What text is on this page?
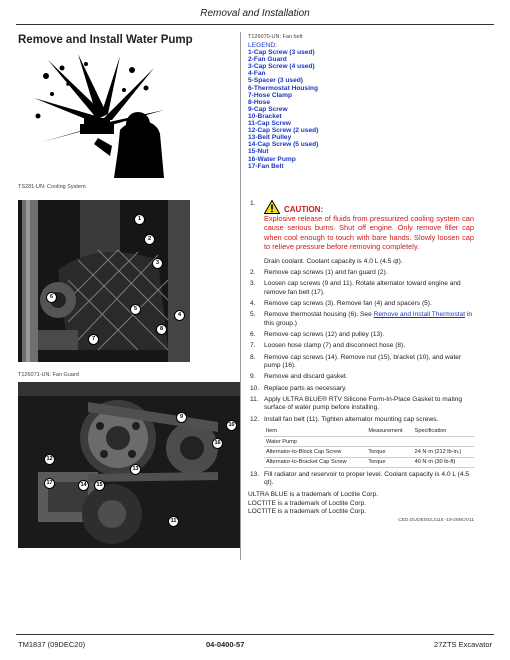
Removal and Installation
Remove and Install Water Pump	T126070-UN: Fan belt
LEGEND:
1-Cap Screw (3 used)
2-Fan Guard
3-Cap Screw (4 used)
4-Fan
5-Spacer (3 used)
6-Thermostat Housing
7-Hose Clamp
8-Hose
9-Cap Screw
10-Bracket
11-Cap Screw
12-Cap Screw (2 used)
13-Belt Pulley
14-Cap Screw (5 used)
15-Nut
16-Water Pump
17-Fan Belt
TS281-UN: Cooling System
1
2
3
4
5
6
7
8
T126071-UN: Fan Guard
9
10
11
12
13
14	15
16
17
1.
CAUTION:
Explosive release of fluids from pressurized cooling system can cause serious burns. Shut off engine. Only remove filler cap when cool enough to touch with bare hands. Slowly loosen cap to relieve pressure before removing completely.
Drain coolant. Coolant capacity is 4.0 L (4.5 qt).
2. Remove cap screws (1) and fan guard (2).
3. Loosen cap screws (9 and 11). Rotate alternator toward engine and remove fan belt (17).
4. Remove cap screws (3). Remove fan (4) and spacers (5).
5. Remove thermostat housing (6). See Remove and Install Thermostat in this group.)
6. Remove cap screws (12) and pulley (13).
7. Loosen hose clamp (7) and disconnect hose (8).
8. Remove cap screws (14). Remove nut (15), bracket (10), and water pump (16).
9. Remove and discard gasket.
10. Replace parts as necessary.
11. Apply ULTRA BLUE® RTV Silicone Form-In-Place Gasket to mating surface of water pump before installing.
12. Install fan belt (11). Tighten alternator mounting cap screws.
Item	Measurement	Specification
Water Pump		
Alternator-to-Block Cap Screw	Torque	24 N·m (212 lb-in.)
Alternator-to-Bracket Cap Screw	Torque	40 N·m (30 lb-ft)
13. Fill radiator and reservoir to proper level. Coolant capacity is 4.0 L (4.5 qt).
ULTRA BLUE is a trademark of Loctite Corp.
LOCTITE is a trademark of Loctite Corp.
LOCTITE is a trademark of Loctite Corp.
CED,OUOE003,2118 -19-28NOV11
TM1837 (09DEC20)	04-0400-57	27ZTS Excavator
